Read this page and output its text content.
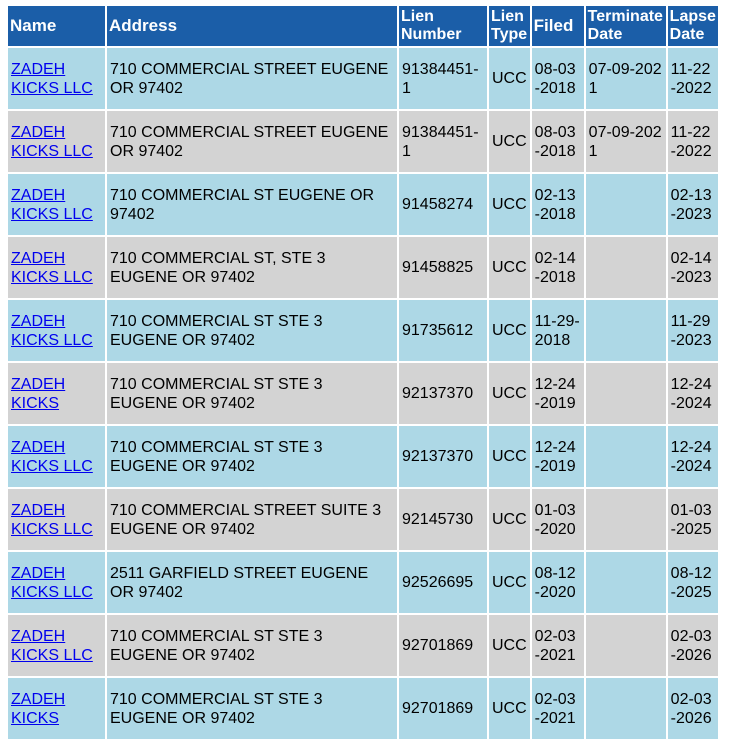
Name	Address	Lien Number	Lien Type	Filed	Terminate Date	Lapse Date
ZADEH KICKS LLC	710 COMMERCIAL STREET EUGENE OR 97402	91384451-1	UCC	08-03-2018	07-09-2021	11-22-2022

ZADEH KICKS LLC	710 COMMERCIAL STREET EUGENE OR 97402	91384451-1	UCC	08-03-2018	07-09-2021	11-22-2022

ZADEH KICKS LLC	710 COMMERCIAL ST EUGENE OR 97402	91458274	UCC	02-13-2018		02-13-2023

ZADEH KICKS LLC	710 COMMERCIAL ST, STE 3 EUGENE OR 97402	91458825	UCC	02-14-2018		02-14-2023

ZADEH KICKS LLC	710 COMMERCIAL ST STE 3 EUGENE OR 97402	91735612	UCC	11-29-2018		11-29-2023

ZADEH KICKS	710 COMMERCIAL ST STE 3 EUGENE OR 97402	92137370	UCC	12-24-2019		12-24-2024

ZADEH KICKS LLC	710 COMMERCIAL ST STE 3 EUGENE OR 97402	92137370	UCC	12-24-2019		12-24-2024

ZADEH KICKS LLC	710 COMMERCIAL STREET SUITE 3 EUGENE OR 97402	92145730	UCC	01-03-2020		01-03-2025

ZADEH KICKS LLC	2511 GARFIELD STREET EUGENE OR 97402	92526695	UCC	08-12-2020		08-12-2025

ZADEH KICKS LLC	710 COMMERCIAL ST STE 3 EUGENE OR 97402	92701869	UCC	02-03-2021		02-03-2026

ZADEH KICKS	710 COMMERCIAL ST STE 3 EUGENE OR 97402	92701869	UCC	02-03-2021		02-03-2026
